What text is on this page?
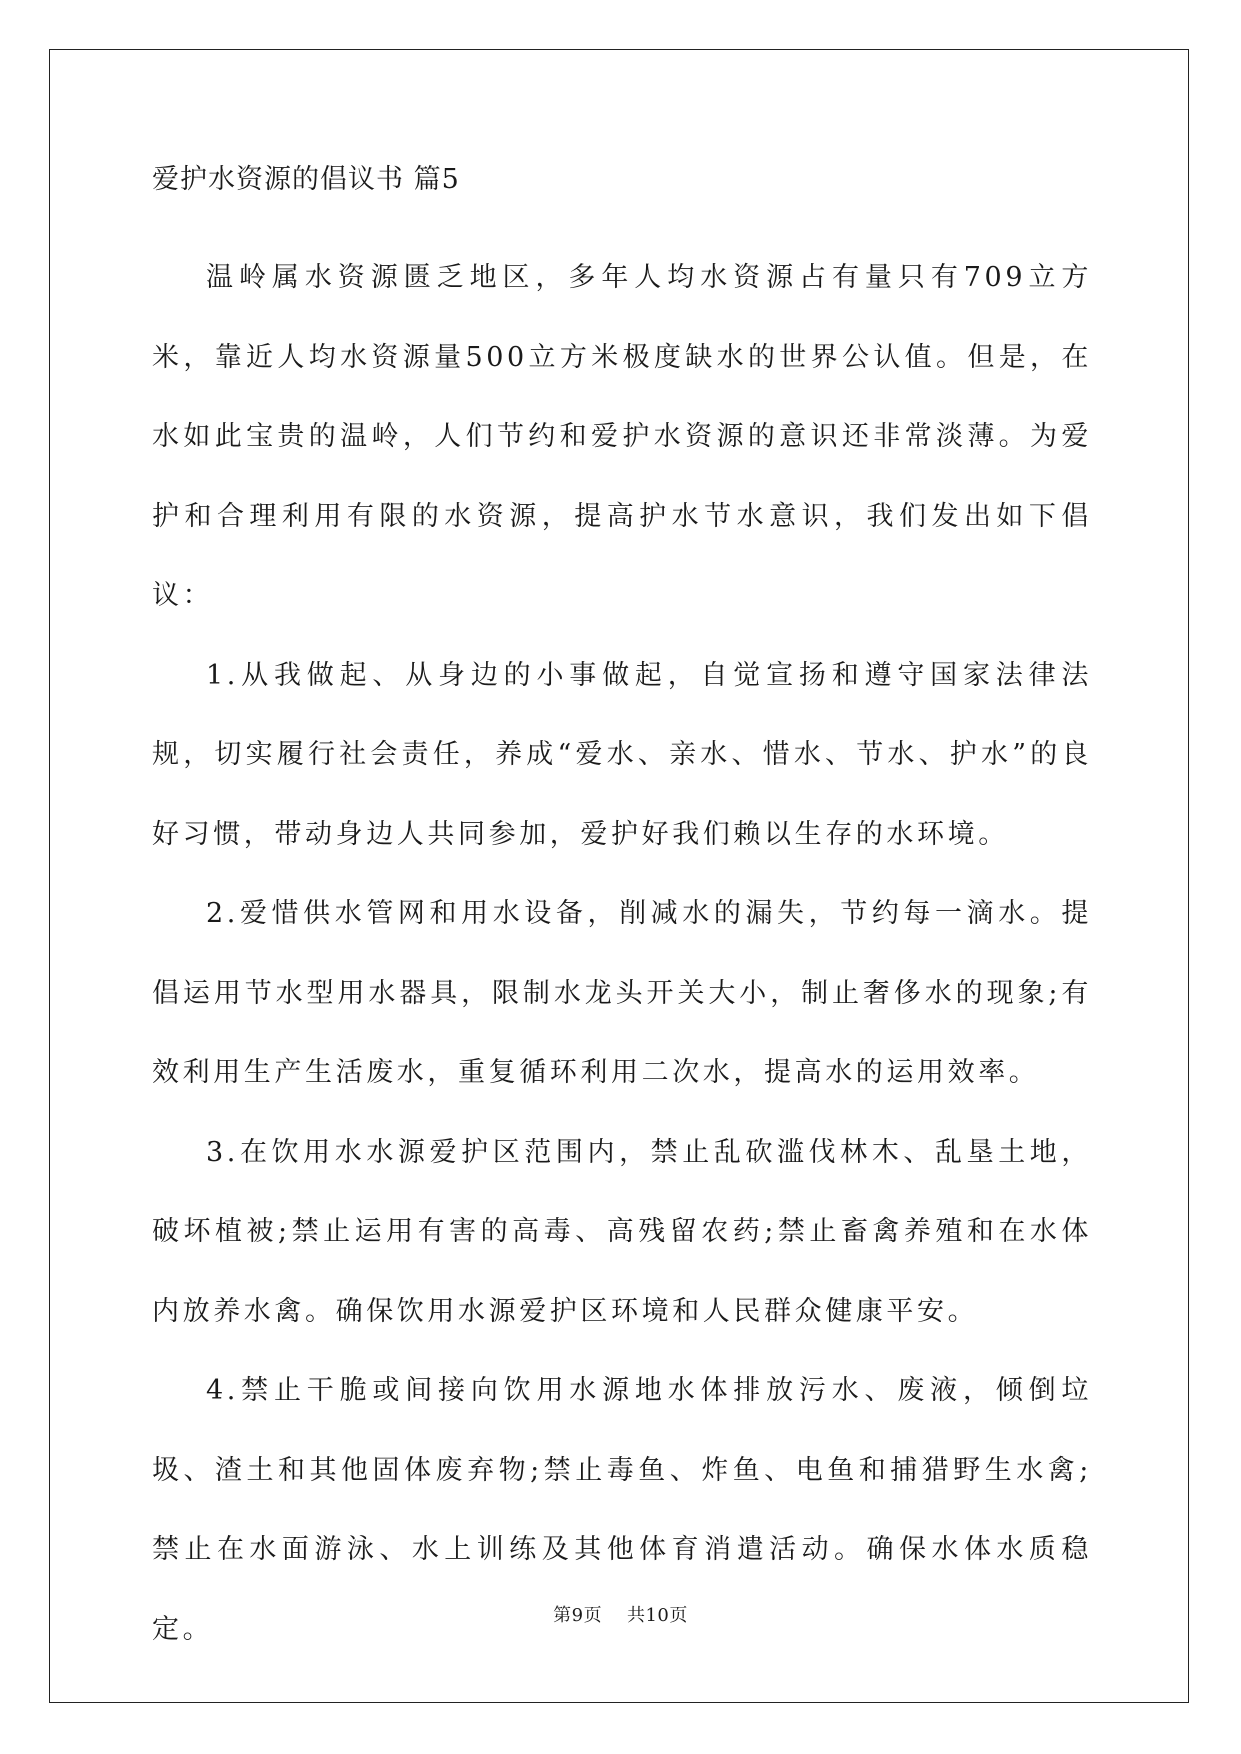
爱护水资源的倡议书 篇5

温岭属水资源匮乏地区，多年人均水资源占有量只有709立方米，靠近人均水资源量500立方米极度缺水的世界公认值。但是，在水如此宝贵的温岭，人们节约和爱护水资源的意识还非常淡薄。为爱护和合理利用有限的水资源，提高护水节水意识，我们发出如下倡议：

1.从我做起、从身边的小事做起，自觉宣扬和遵守国家法律法规，切实履行社会责任，养成“爱水、亲水、惜水、节水、护水”的良好习惯，带动身边人共同参加，爱护好我们赖以生存的水环境。

2.爱惜供水管网和用水设备，削减水的漏失，节约每一滴水。提倡运用节水型用水器具，限制水龙头开关大小，制止奢侈水的现象;有效利用生产生活废水，重复循环利用二次水，提高水的运用效率。

3.在饮用水水源爱护区范围内，禁止乱砍滥伐林木、乱垦土地，破坏植被;禁止运用有害的高毒、高残留农药;禁止畜禽养殖和在水体内放养水禽。确保饮用水源爱护区环境和人民群众健康平安。

4.禁止干脆或间接向饮用水源地水体排放污水、废液，倾倒垃圾、渣土和其他固体废弃物;禁止毒鱼、炸鱼、电鱼和捕猎野生水禽;禁止在水面游泳、水上训练及其他体育消遣活动。确保水体水质稳定。	第9页 共10页
